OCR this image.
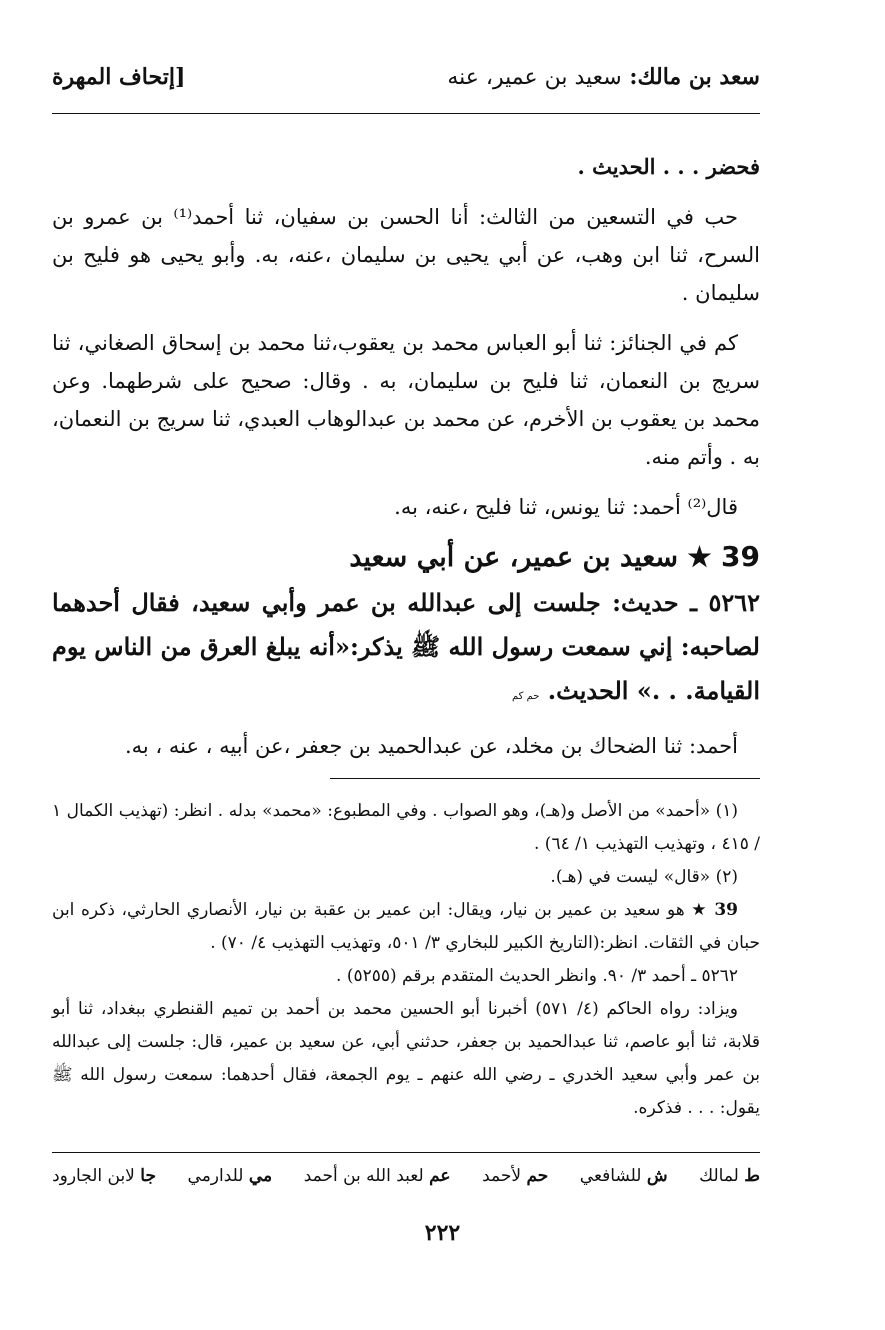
سعد بن مالك: سعيد بن عمير، عنه
[إتحاف المهرة

فحضر . . . الحديث .

حب في التسعين من الثالث: أنا الحسن بن سفيان، ثنا أحمد⁽¹⁾ بن عمرو بن السرح، ثنا ابن وهب، عن أبي يحيى بن سليمان ،عنه، به. وأبو يحيى هو فليح بن سليمان .

كم في الجنائز: ثنا أبو العباس محمد بن يعقوب،ثنا محمد بن إسحاق الصغاني، ثنا سريج بن النعمان، ثنا فليح بن سليمان، به . وقال: صحيح على شرطهما. وعن محمد بن يعقوب بن الأخرم، عن محمد بن عبدالوهاب العبدي، ثنا سريج بن النعمان، به . وأتم منه.

قال⁽²⁾ أحمد: ثنا يونس، ثنا فليح ،عنه، به.

39 ★ سعيد بن عمير، عن أبي سعيد
٥٢٦٢ ـ حديث: جلست إلى عبدالله بن عمر وأبي سعيد، فقال أحدهما لصاحبه: إني سمعت رسول الله ﷺ يذكر:«أنه يبلغ العرق من الناس يوم القيامة. . .» الحديث. حم كم

أحمد: ثنا الضحاك بن مخلد، عن عبدالحميد بن جعفر ،عن أبيه ، عنه ، به.

(١) «أحمد» من الأصل و(هـ)، وهو الصواب . وفي المطبوع: «محمد» بدله . انظر: (تهذيب الكمال ١ / ٤١٥ ، وتهذيب التهذيب ١/ ٦٤) .

(٢) «قال» ليست في (هـ).

39 ★ هو سعيد بن عمير بن نيار، ويقال: ابن عمير بن عقبة بن نيار، الأنصاري الحارثي، ذكره ابن حبان في الثقات. انظر:(التاريخ الكبير للبخاري ٣/ ٥٠١، وتهذيب التهذيب ٤/ ٧٠) .

٥٢٦٢ ـ أحمد ٣/ ٩٠. وانظر الحديث المتقدم برقم (٥٢٥٥) .

ويزاد: رواه الحاكم (٤/ ٥٧١) أخبرنا أبو الحسين محمد بن أحمد بن تميم القنطري ببغداد، ثنا أبو قلابة، ثنا أبو عاصم، ثنا عبدالحميد بن جعفر، حدثني أبي، عن سعيد بن عمير، قال: جلست إلى عبدالله بن عمر وأبي سعيد الخدري ـ رضي الله عنهم ـ يوم الجمعة، فقال أحدهما: سمعت رسول الله ﷺ يقول: . . . فذكره.

ط لمالك
ش للشافعي
حم لأحمد
عم لعبد الله بن أحمد
مي للدارمي
جا لابن الجارود
٢٢٢
